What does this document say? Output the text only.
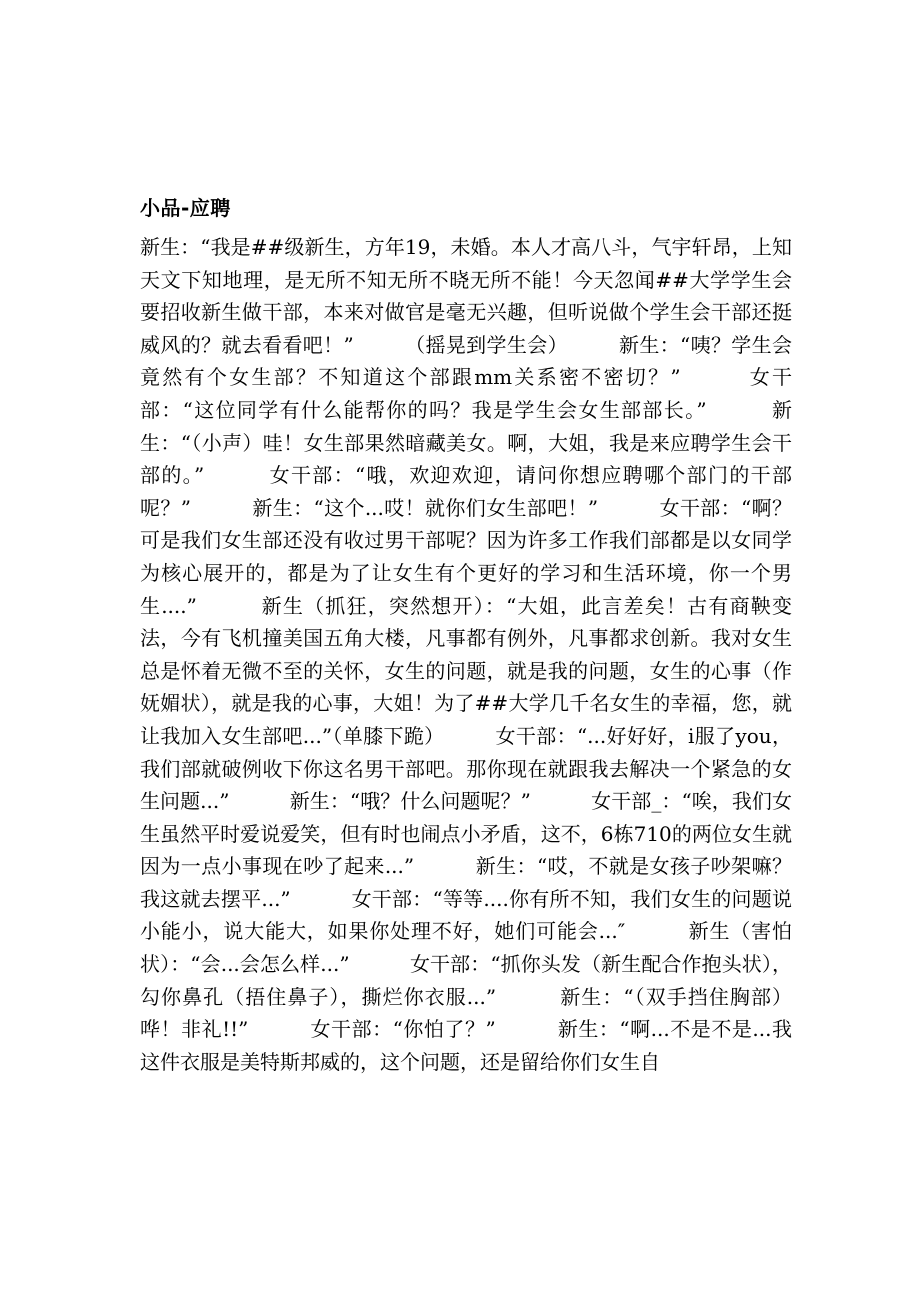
小品-应聘

新生：“我是##级新生，方年19，未婚。本人才高八斗，气宇轩昂，上知天文下知地理，是无所不知无所不晓无所不能！今天忽闻##大学学生会要招收新生做干部，本来对做官是毫无兴趣，但听说做个学生会干部还挺威风的？就去看看吧！”　　　（摇晃到学生会）　　　新生：“咦？学生会竟然有个女生部？不知道这个部跟mm关系密不密切？”　　　女干部：“这位同学有什么能帮你的吗？我是学生会女生部部长。”　　　新生：“（小声）哇！女生部果然暗藏美女。啊，大姐，我是来应聘学生会干部的。”　　　女干部：“哦，欢迎欢迎，请问你想应聘哪个部门的干部呢？”　　　新生：“这个...哎！就你们女生部吧！”　　　女干部：“啊？可是我们女生部还没有收过男干部呢？因为许多工作我们部都是以女同学为核心展开的，都是为了让女生有个更好的学习和生活环境，你一个男生....”　　　新生（抓狂，突然想开）：“大姐，此言差矣！古有商鞅变法，今有飞机撞美国五角大楼，凡事都有例外，凡事都求创新。我对女生总是怀着无微不至的关怀，女生的问题，就是我的问题，女生的心事（作妩媚状），就是我的心事，大姐！为了##大学几千名女生的幸福，您，就让我加入女生部吧...”（单膝下跪）　　　女干部：“...好好好，i服了you，我们部就破例收下你这名男干部吧。那你现在就跟我去解决一个紧急的女生问题...”　　　新生：“哦？什么问题呢？”　　　女干部_：“唉，我们女生虽然平时爱说爱笑，但有时也闹点小矛盾，这不，6栋710的两位女生就因为一点小事现在吵了起来...”　　　新生：“哎，不就是女孩子吵架嘛？我这就去摆平...”　　　女干部：“等等....你有所不知，我们女生的问题说小能小，说大能大，如果你处理不好，她们可能会...″　　　新生（害怕状）：“会...会怎么样...”　　　女干部：“抓你头发（新生配合作抱头状），勾你鼻孔（捂住鼻子），撕烂你衣服...”　　　新生：“（双手挡住胸部）哗！非礼!!”　　　女干部：“你怕了？”　　　新生：“啊...不是不是...我这件衣服是美特斯邦威的，这个问题，还是留给你们女生自
